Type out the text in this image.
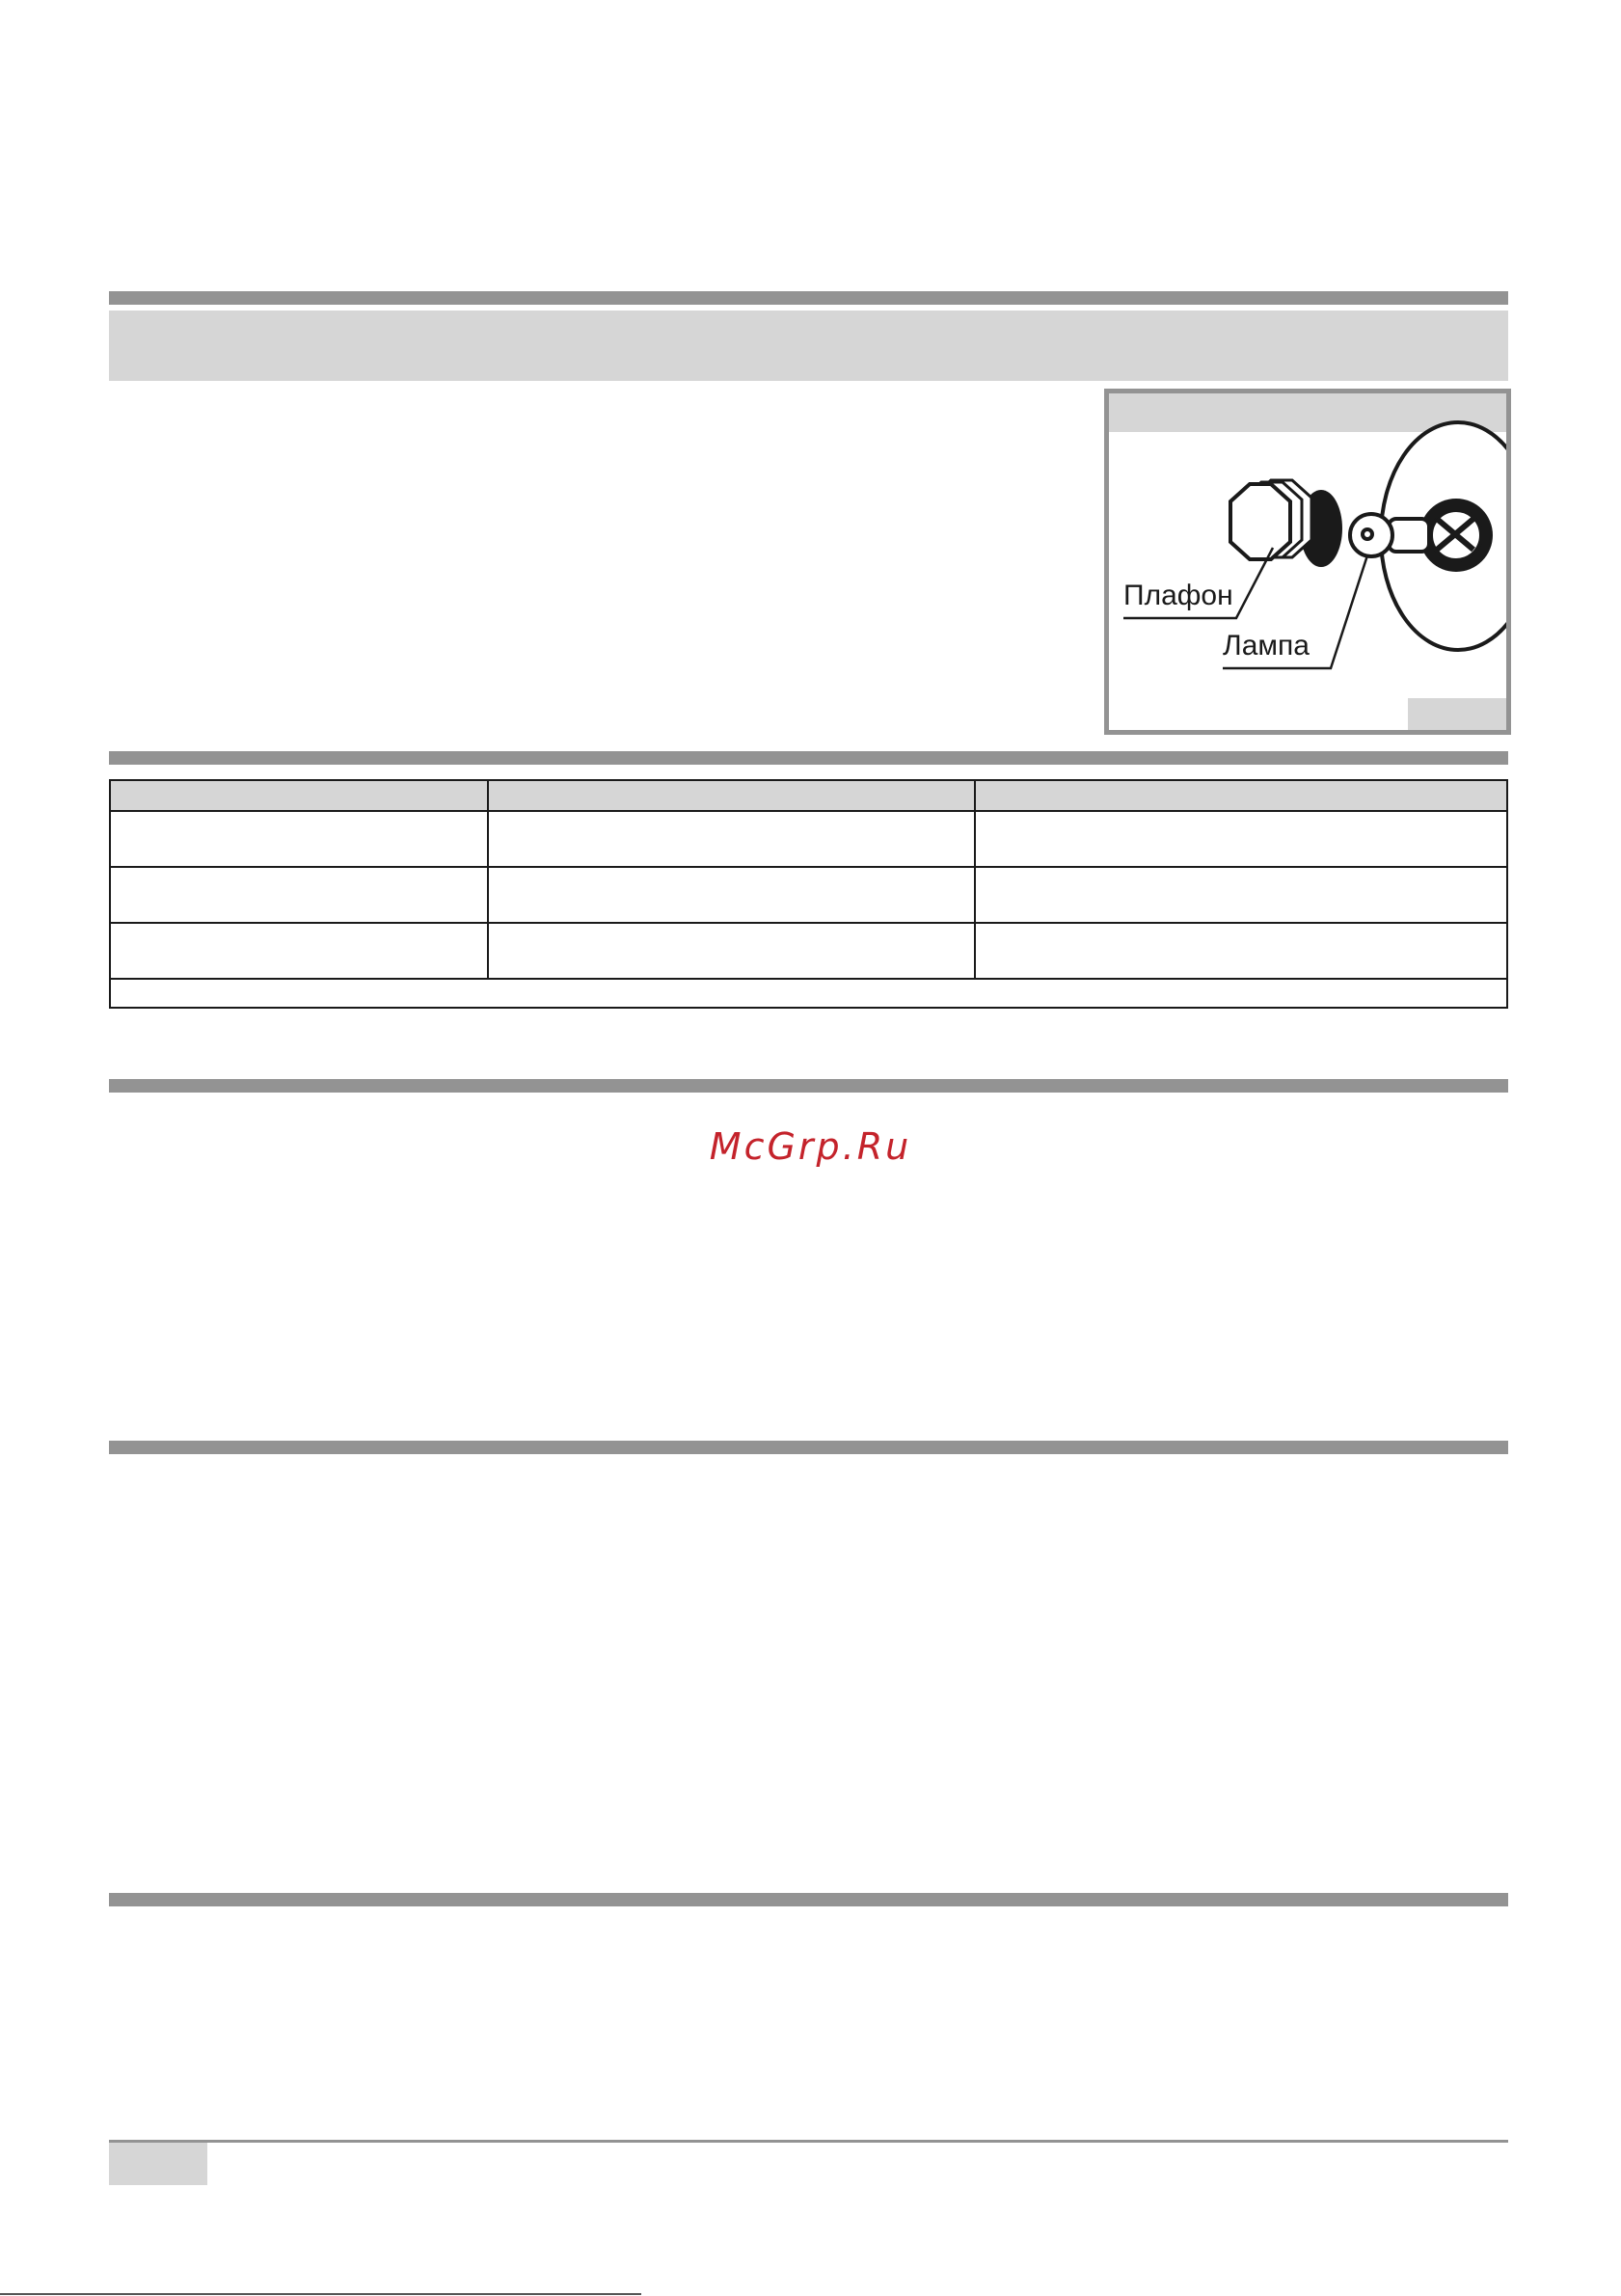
Плафон
Лампа

McGrp.Ru
